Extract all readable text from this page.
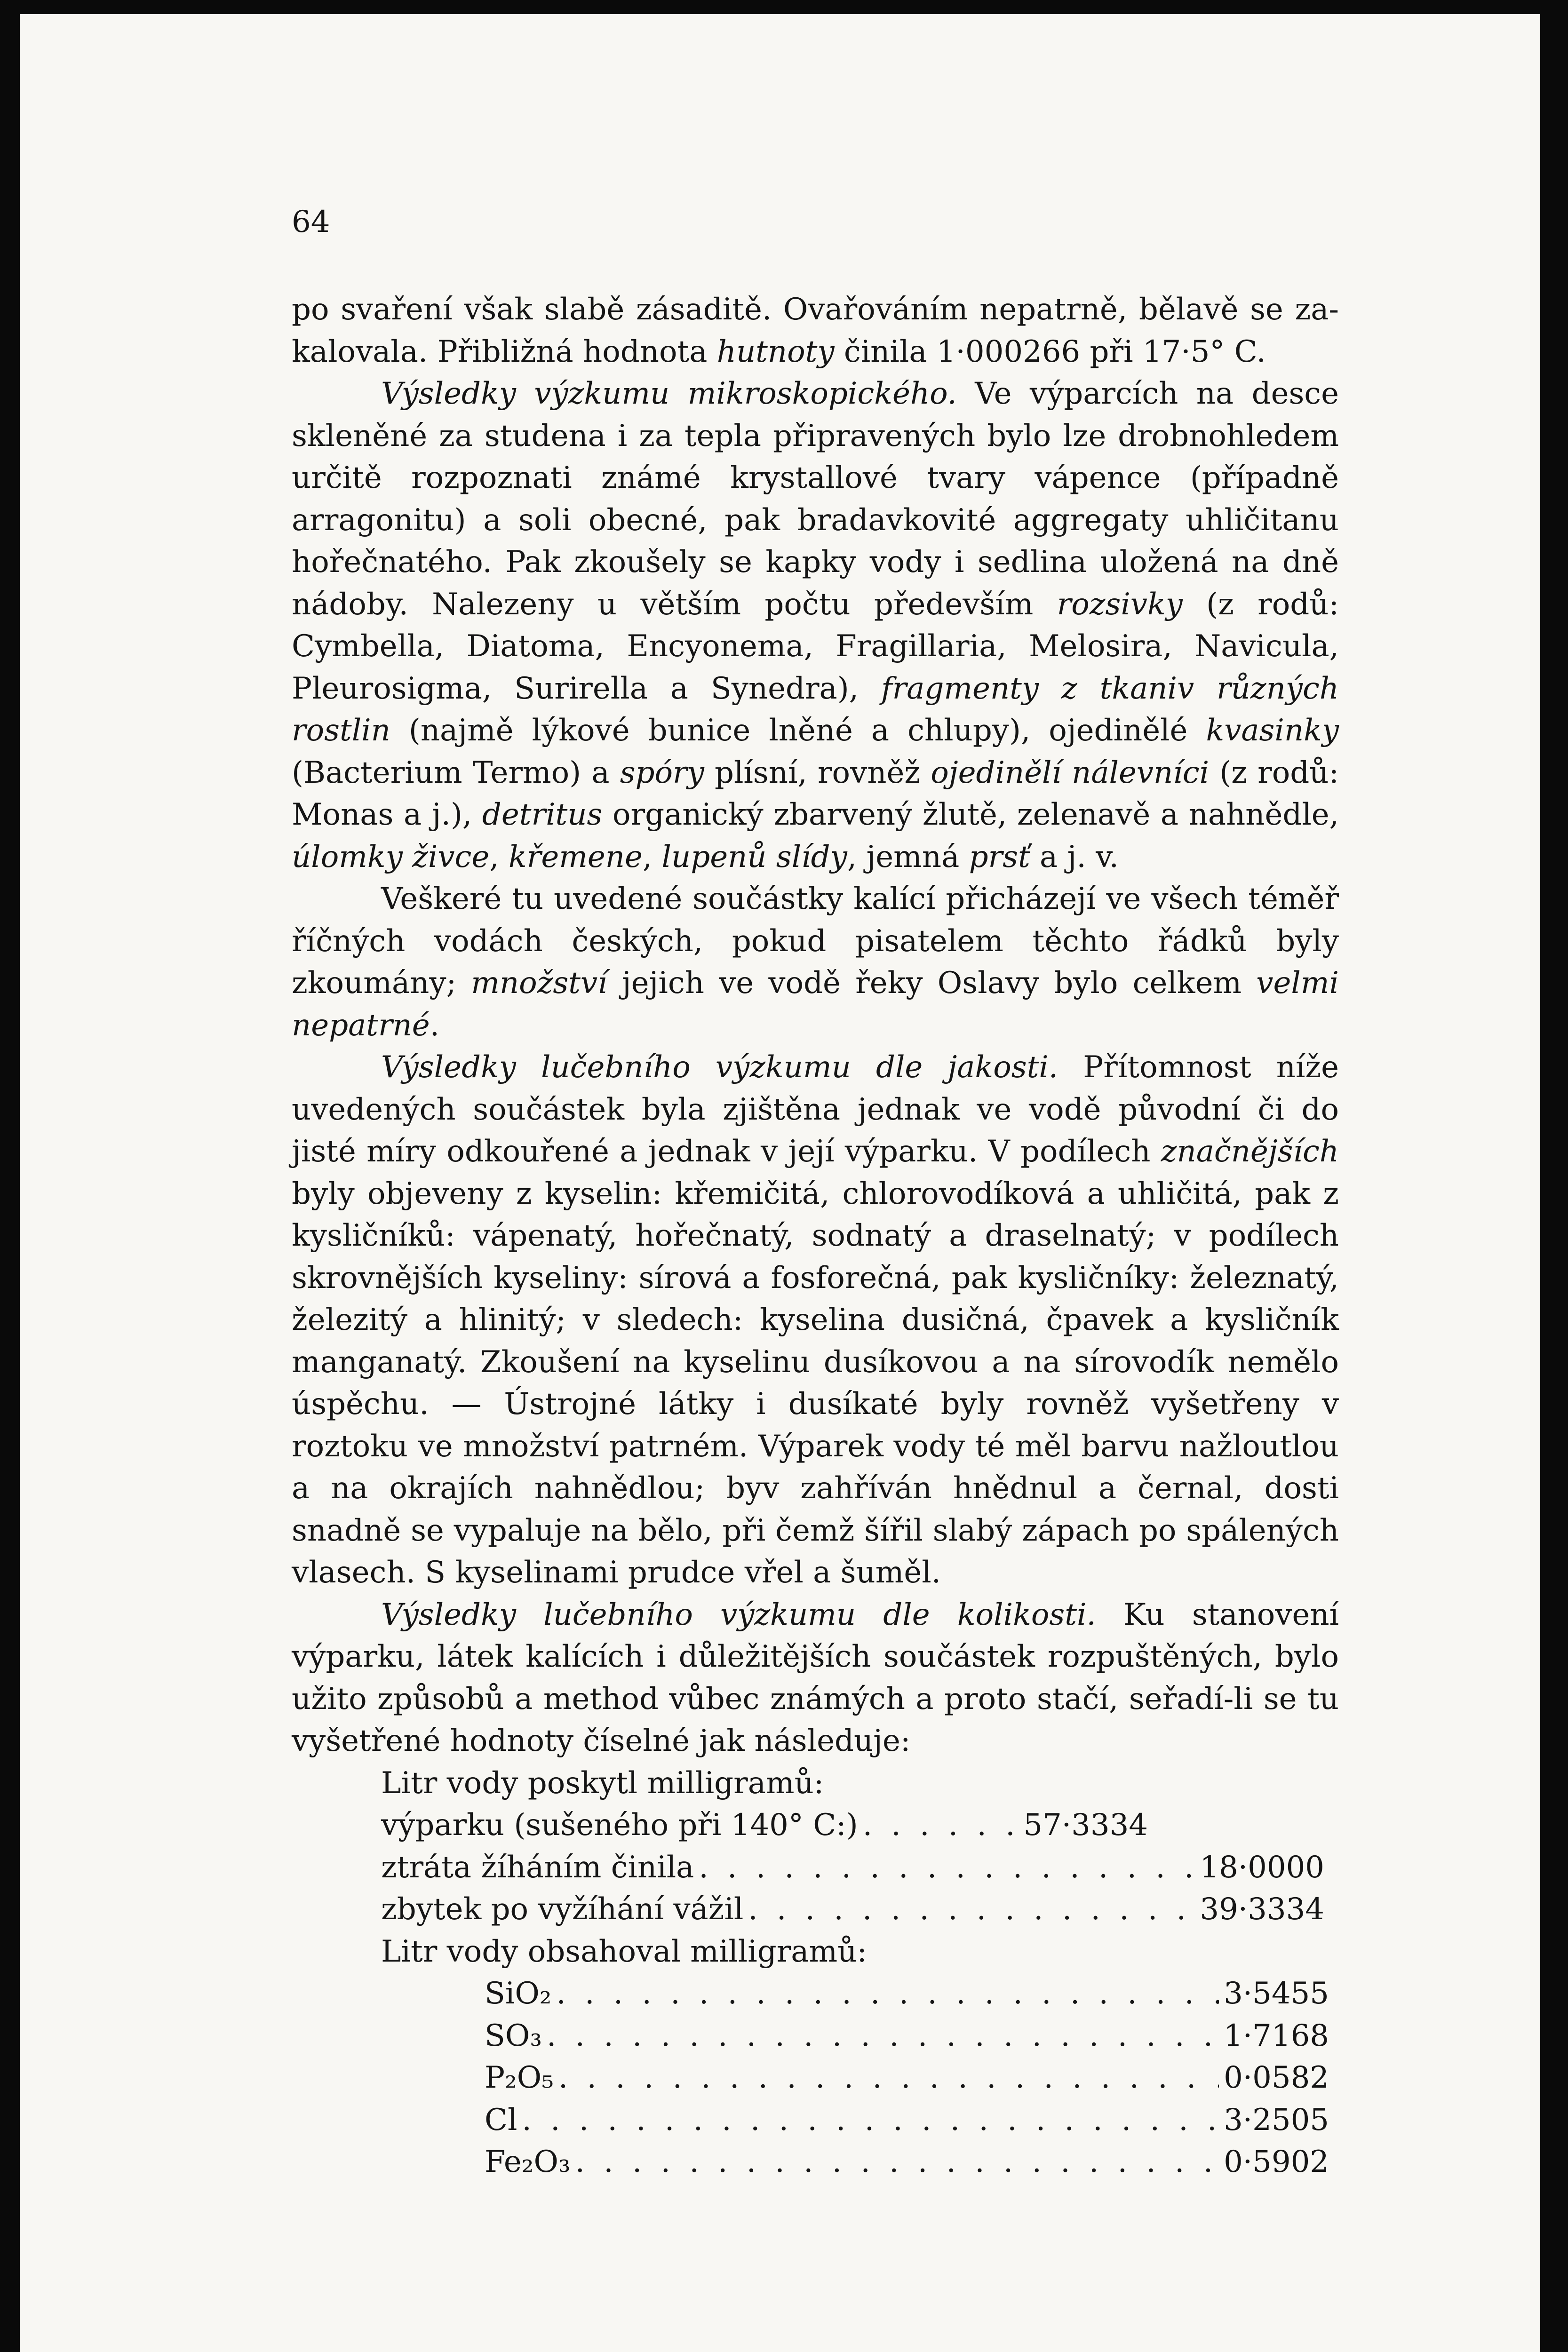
64

po svaření však slabě zásaditě. Ovařováním nepatrně, bělavě se zakalovala. Přibližná hodnota hutnoty činila 1·000266 při 17·5° C.

Výsledky výzkumu mikroskopického. Ve výparcích na desce skleněné za studena i za tepla připravených bylo lze drobnohledem určitě rozpoznati známé krystallové tvary vápence (případně arragonitu) a soli obecné, pak bradavkovité aggregaty uhličitanu hořečnatého. Pak zkoušely se kapky vody i sedlina uložená na dně nádoby. Nalezeny u větším počtu především rozsivky (z rodů: Cymbella, Diatoma, Encyonema, Fragillaria, Melosira, Navicula, Pleurosigma, Surirella a Synedra), fragmenty z tkaniv různých rostlin (najmě lýkové bunice lněné a chlupy), ojedinělé kvasinky (Bacterium Termo) a spóry plísní, rovněž ojedinělí nálevníci (z rodů: Monas a j.), detritus organický zbarvený žlutě, zelenavě a nahnědle, úlomky živce, křemene, lupenů slídy, jemná prsť a j. v.

Veškeré tu uvedené součástky kalící přicházejí ve všech téměř říčných vodách českých, pokud pisatelem těchto řádků byly zkoumány; množství jejich ve vodě řeky Oslavy bylo celkem velmi nepatrné.

Výsledky lučebního výzkumu dle jakosti. Přítomnost níže uvedených součástek byla zjištěna jednak ve vodě původní či do jisté míry odkouřené a jednak v její výparku. V podílech značnějších byly objeveny z kyselin: křemičitá, chlorovodíková a uhličitá, pak z kysličníků: vápenatý, hořečnatý, sodnatý a draselnatý; v podílech skrovnějších kyseliny: sírová a fosforečná, pak kysličníky: železnatý, železitý a hlinitý; v sledech: kyselina dusičná, čpavek a kysličník manganatý. Zkoušení na kyselinu dusíkovou a na sírovodík nemělo úspěchu. — Ústrojné látky i dusíkaté byly rovněž vyšetřeny v roztoku ve množství patrném. Výparek vody té měl barvu nažloutlou a na okrajích nahnědlou; byv zahříván hnědnul a černal, dosti snadně se vypaluje na bělo, při čemž šířil slabý zápach po spálených vlasech. S kyselinami prudce vřel a šuměl.

Výsledky lučebního výzkumu dle kolikosti. Ku stanovení výparku, látek kalících i důležitějších součástek rozpuštěných, bylo užito způsobů a method vůbec známých a proto stačí, seřadí-li se tu vyšetřené hodnoty číselné jak následuje:

Litr vody poskytl milligramů:
výparku (sušeného při 140° C:) . . .	57·3334
ztráta žíháním činila . . .	18·0000
zbytek po vyžíhání vážil . . .	39·3334
Litr vody obsahoval milligramů:
SiO₂ . . .	3·5455
SO₃ . . .	1·7168
P₂O₅ . . .	0·0582
Cl . . .	3·2505
Fe₂O₃ . . .	0·5902
